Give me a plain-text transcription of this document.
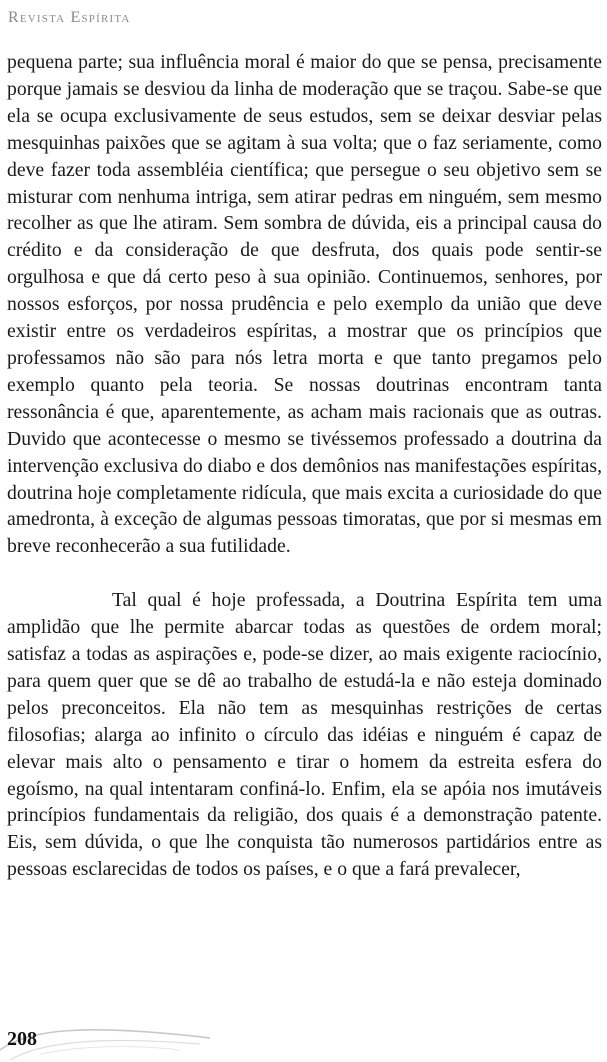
Revista Espírita

pequena parte; sua influência moral é maior do que se pensa, precisamente porque jamais se desviou da linha de moderação que se traçou. Sabe-se que ela se ocupa exclusivamente de seus estudos, sem se deixar desviar pelas mesquinhas paixões que se agitam à sua volta; que o faz seriamente, como deve fazer toda assembléia científica; que persegue o seu objetivo sem se misturar com nenhuma intriga, sem atirar pedras em ninguém, sem mesmo recolher as que lhe atiram. Sem sombra de dúvida, eis a principal causa do crédito e da consideração de que desfruta, dos quais pode sentir-se orgulhosa e que dá certo peso à sua opinião. Continuemos, senhores, por nossos esforços, por nossa prudência e pelo exemplo da união que deve existir entre os verdadeiros espíritas, a mostrar que os princípios que professamos não são para nós letra morta e que tanto pregamos pelo exemplo quanto pela teoria. Se nossas doutrinas encontram tanta ressonância é que, aparentemente, as acham mais racionais que as outras. Duvido que acontecesse o mesmo se tivéssemos professado a doutrina da intervenção exclusiva do diabo e dos demônios nas manifestações espíritas, doutrina hoje completamente ridícula, que mais excita a curiosidade do que amedronta, à exceção de algumas pessoas timoratas, que por si mesmas em breve reconhecerão a sua futilidade.

Tal qual é hoje professada, a Doutrina Espírita tem uma amplidão que lhe permite abarcar todas as questões de ordem moral; satisfaz a todas as aspirações e, pode-se dizer, ao mais exigente raciocínio, para quem quer que se dê ao trabalho de estudá-la e não esteja dominado pelos preconceitos. Ela não tem as mesquinhas restrições de certas filosofias; alarga ao infinito o círculo das idéias e ninguém é capaz de elevar mais alto o pensamento e tirar o homem da estreita esfera do egoísmo, na qual intentaram confiná-lo. Enfim, ela se apóia nos imutáveis princípios fundamentais da religião, dos quais é a demonstração patente. Eis, sem dúvida, o que lhe conquista tão numerosos partidários entre as pessoas esclarecidas de todos os países, e o que a fará prevalecer,

208
